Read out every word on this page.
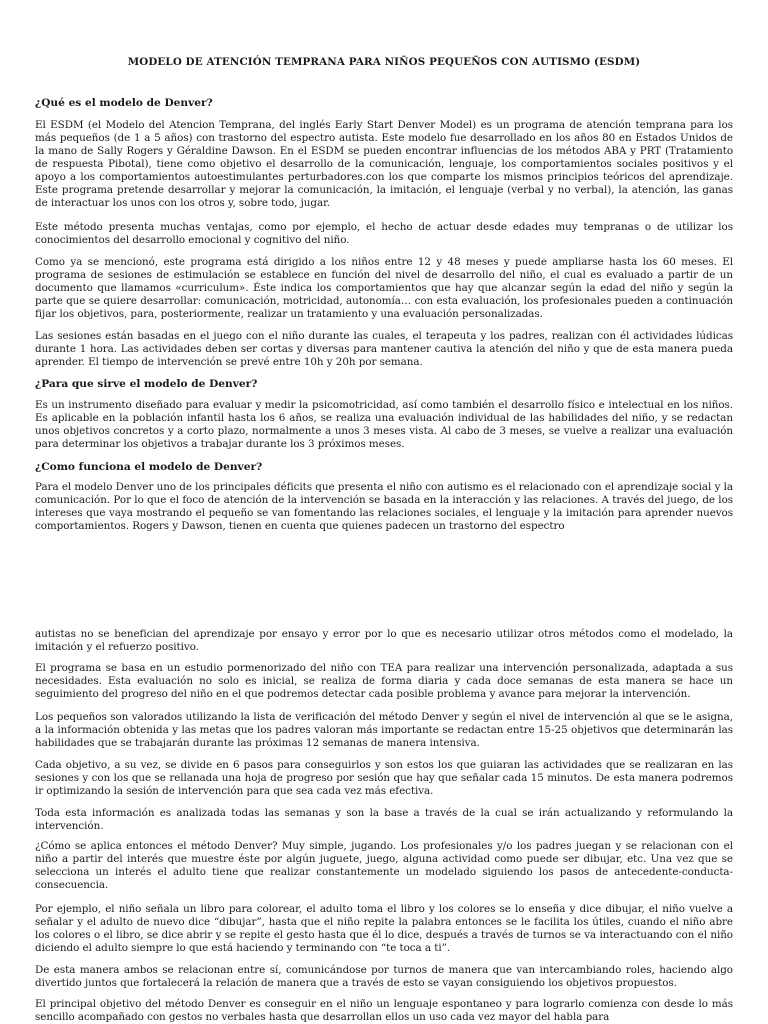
MODELO DE ATENCIÓN TEMPRANA PARA NIÑOS PEQUEÑOS CON AUTISMO (ESDM)
¿Qué es el modelo de Denver?

El ESDM (el Modelo del Atencion Temprana, del inglés Early Start Denver Model) es un programa de atención temprana para los más pequeños (de 1 a 5 años) con trastorno del espectro autista. Este modelo fue desarrollado en los años 80 en Estados Unidos de la mano de Sally Rogers y Géraldine Dawson. En el ESDM se pueden encontrar influencias de los métodos ABA y PRT (Tratamiento de respuesta Pibotal), tiene como objetivo el desarrollo de la comunicación, lenguaje, los comportamientos sociales positivos y el apoyo a los comportamientos autoestimulantes perturbadores.con los que comparte los mismos principios teóricos del aprendizaje. Este programa pretende desarrollar y mejorar la comunicación, la imitación, el lenguaje (verbal y no verbal), la atención, las ganas de interactuar los unos con los otros y, sobre todo, jugar.

Este método presenta muchas ventajas, como por ejemplo, el hecho de actuar desde edades muy tempranas o de utilizar los conocimientos del desarrollo emocional y cognitivo del niño.

Como ya se mencionó, este programa está dirigido a los niños entre 12 y 48 meses y puede ampliarse hasta los 60 meses. El programa de sesiones de estimulación se establece en función del nivel de desarrollo del niño, el cual es evaluado a partir de un documento que llamamos «curriculum». Éste indica los comportamientos que hay que alcanzar según la edad del niño y según la parte que se quiere desarrollar: comunicación, motricidad, autonomía… con esta evaluación, los profesionales pueden a continuación fijar los objetivos, para, posteriormente, realizar un tratamiento y una evaluación personalizadas.

Las sesiones están basadas en el juego con el niño durante las cuales, el terapeuta y los padres, realizan con él actividades lúdicas durante 1 hora. Las actividades deben ser cortas y diversas para mantener cautiva la atención del niño y que de esta manera pueda aprender. El tiempo de intervención se prevé entre 10h y 20h por semana.

¿Para que sirve el modelo de Denver?

Es un instrumento diseñado para evaluar y medir la psicomotricidad, así como también el desarrollo físico e intelectual en los niños. Es aplicable en la población infantil hasta los 6 años, se realiza una evaluación individual de las habilidades del niño, y se redactan unos objetivos concretos y a corto plazo, normalmente a unos 3 meses vista. Al cabo de 3 meses, se vuelve a realizar una evaluación para determinar los objetivos a trabajar durante los 3 próximos meses.

¿Como funciona el modelo de Denver?

Para el modelo Denver uno de los principales déficits que presenta el niño con autismo es el relacionado con el aprendizaje social y la comunicación. Por lo que el foco de atención de la intervención se basada en la interacción y las relaciones. A través del juego, de los intereses que vaya mostrando el pequeño se van fomentando las relaciones sociales, el lenguaje y la imitación para aprender nuevos comportamientos. Rogers y Dawson, tienen en cuenta que quienes padecen un trastorno del espectro

autistas no se benefician del aprendizaje por ensayo y error por lo que es necesario utilizar otros métodos como el modelado, la imitación y el refuerzo positivo.

El programa se basa en un estudio pormenorizado del niño con TEA para realizar una intervención personalizada, adaptada a sus necesidades. Esta evaluación no solo es inicial, se realiza de forma diaria y cada doce semanas de esta manera se hace un seguimiento del progreso del niño en el que podremos detectar cada posible problema y avance para mejorar la intervención.

Los pequeños son valorados utilizando la lista de verificación del método Denver y según el nivel de intervención al que se le asigna, a la información obtenida y las metas que los padres valoran más importante se redactan entre 15-25 objetivos que determinarán las habilidades que se trabajarán durante las próximas 12 semanas de manera intensiva.

Cada objetivo, a su vez, se divide en 6 pasos para conseguirlos y son estos los que guiaran las actividades que se realizaran en las sesiones y con los que se rellanada una hoja de progreso por sesión que hay que señalar cada 15 minutos. De esta manera podremos ir optimizando la sesión de intervención para que sea cada vez más efectiva.

Toda esta información es analizada todas las semanas y son la base a través de la cual se irán actualizando y reformulando la intervención.

¿Cómo se aplica entonces el método Denver? Muy simple, jugando. Los profesionales y/o los padres juegan y se relacionan con el niño a partir del interés que muestre éste por algún juguete, juego, alguna actividad como puede ser dibujar, etc. Una vez que se selecciona un interés el adulto tiene que realizar constantemente un modelado siguiendo los pasos de antecedente-conducta-consecuencia.

Por ejemplo, el niño señala un libro para colorear, el adulto toma el libro y los colores se lo enseña y dice dibujar, el niño vuelve a señalar y el adulto de nuevo dice “dibujar”, hasta que el niño repite la palabra entonces se le facilita los útiles, cuando el niño abre los colores o el libro, se dice abrir y se repite el gesto hasta que él lo dice, después a través de turnos se va interactuando con el niño diciendo el adulto siempre lo que está haciendo y terminando con “te toca a ti”.

De esta manera ambos se relacionan entre sí, comunicándose por turnos de manera que van intercambiando roles, haciendo algo divertido juntos que fortalecerá la relación de manera que a través de esto se vayan consiguiendo los objetivos propuestos.

El principal objetivo del método Denver es conseguir en el niño un lenguaje espontaneo y para lograrlo comienza con desde lo más sencillo acompañado con gestos no verbales hasta que desarrollan ellos un uso cada vez mayor del habla para
